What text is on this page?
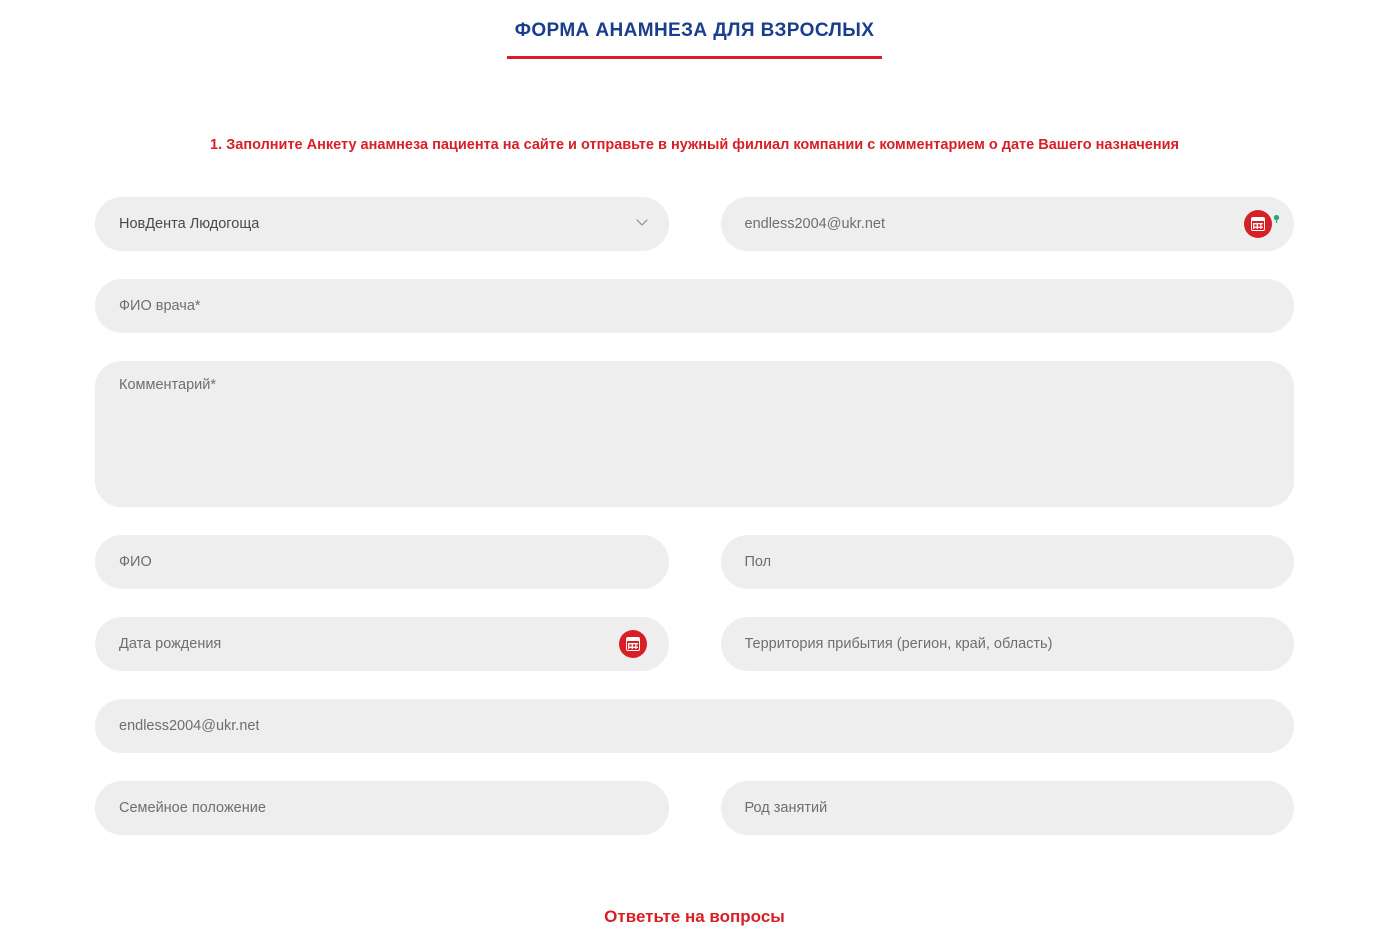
ФОРМА АНАМНЕЗА ДЛЯ ВЗРОСЛЫХ
1. Заполните Анкету анамнеза пациента на сайте и отправьте в нужный филиал компании с комментарием о дате Вашего назначения
НовДента Людогоща	endless2004@ukr.net
ФИО врача*
Комментарий*
ФИО	Пол
Дата рождения	Территория прибытия (регион, край, область)
endless2004@ukr.net
Семейное положение	Род занятий
Ответьте на вопросы
